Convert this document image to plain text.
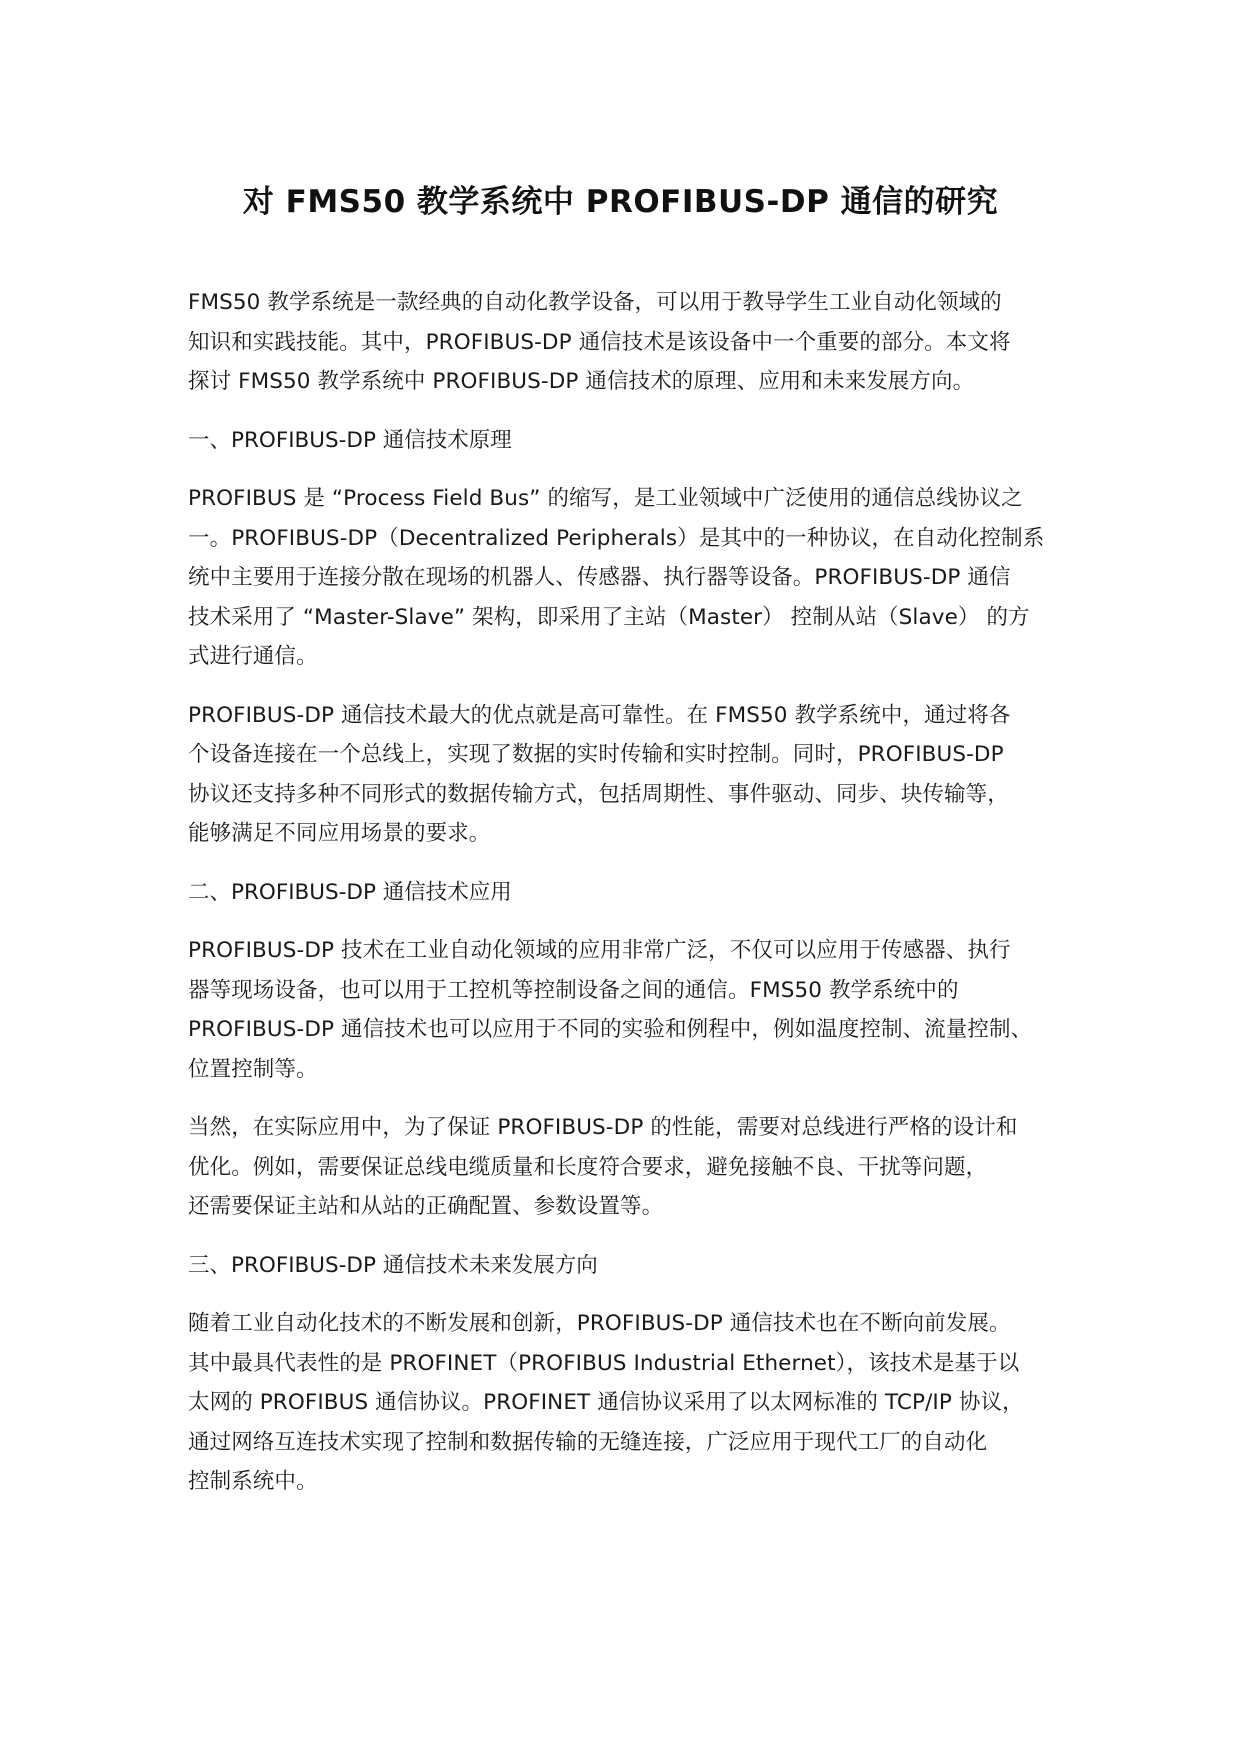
对 FMS50 教学系统中 PROFIBUS-DP 通信的研究
FMS50 教学系统是一款经典的自动化教学设备，可以用于教导学生工业自动化领域的
知识和实践技能。其中，PROFIBUS-DP 通信技术是该设备中一个重要的部分。本文将
探讨 FMS50 教学系统中 PROFIBUS-DP 通信技术的原理、应用和未来发展方向。
一、PROFIBUS-DP 通信技术原理
PROFIBUS 是 “Process Field Bus” 的缩写，是工业领域中广泛使用的通信总线协议之
一。PROFIBUS-DP（Decentralized Peripherals）是其中的一种协议，在自动化控制系
统中主要用于连接分散在现场的机器人、传感器、执行器等设备。PROFIBUS-DP 通信
技术采用了 “Master-Slave” 架构，即采用了主站（Master） 控制从站（Slave） 的方
式进行通信。
PROFIBUS-DP 通信技术最大的优点就是高可靠性。在 FMS50 教学系统中，通过将各
个设备连接在一个总线上，实现了数据的实时传输和实时控制。同时，PROFIBUS-DP
协议还支持多种不同形式的数据传输方式，包括周期性、事件驱动、同步、块传输等，
能够满足不同应用场景的要求。
二、PROFIBUS-DP 通信技术应用
PROFIBUS-DP 技术在工业自动化领域的应用非常广泛，不仅可以应用于传感器、执行
器等现场设备，也可以用于工控机等控制设备之间的通信。FMS50 教学系统中的
PROFIBUS-DP 通信技术也可以应用于不同的实验和例程中，例如温度控制、流量控制、
位置控制等。
当然，在实际应用中，为了保证 PROFIBUS-DP 的性能，需要对总线进行严格的设计和
优化。例如，需要保证总线电缆质量和长度符合要求，避免接触不良、干扰等问题，
还需要保证主站和从站的正确配置、参数设置等。
三、PROFIBUS-DP 通信技术未来发展方向
随着工业自动化技术的不断发展和创新，PROFIBUS-DP 通信技术也在不断向前发展。
其中最具代表性的是 PROFINET（PROFIBUS Industrial Ethernet），该技术是基于以
太网的 PROFIBUS 通信协议。PROFINET 通信协议采用了以太网标准的 TCP/IP 协议，
通过网络互连技术实现了控制和数据传输的无缝连接，广泛应用于现代工厂的自动化
控制系统中。
